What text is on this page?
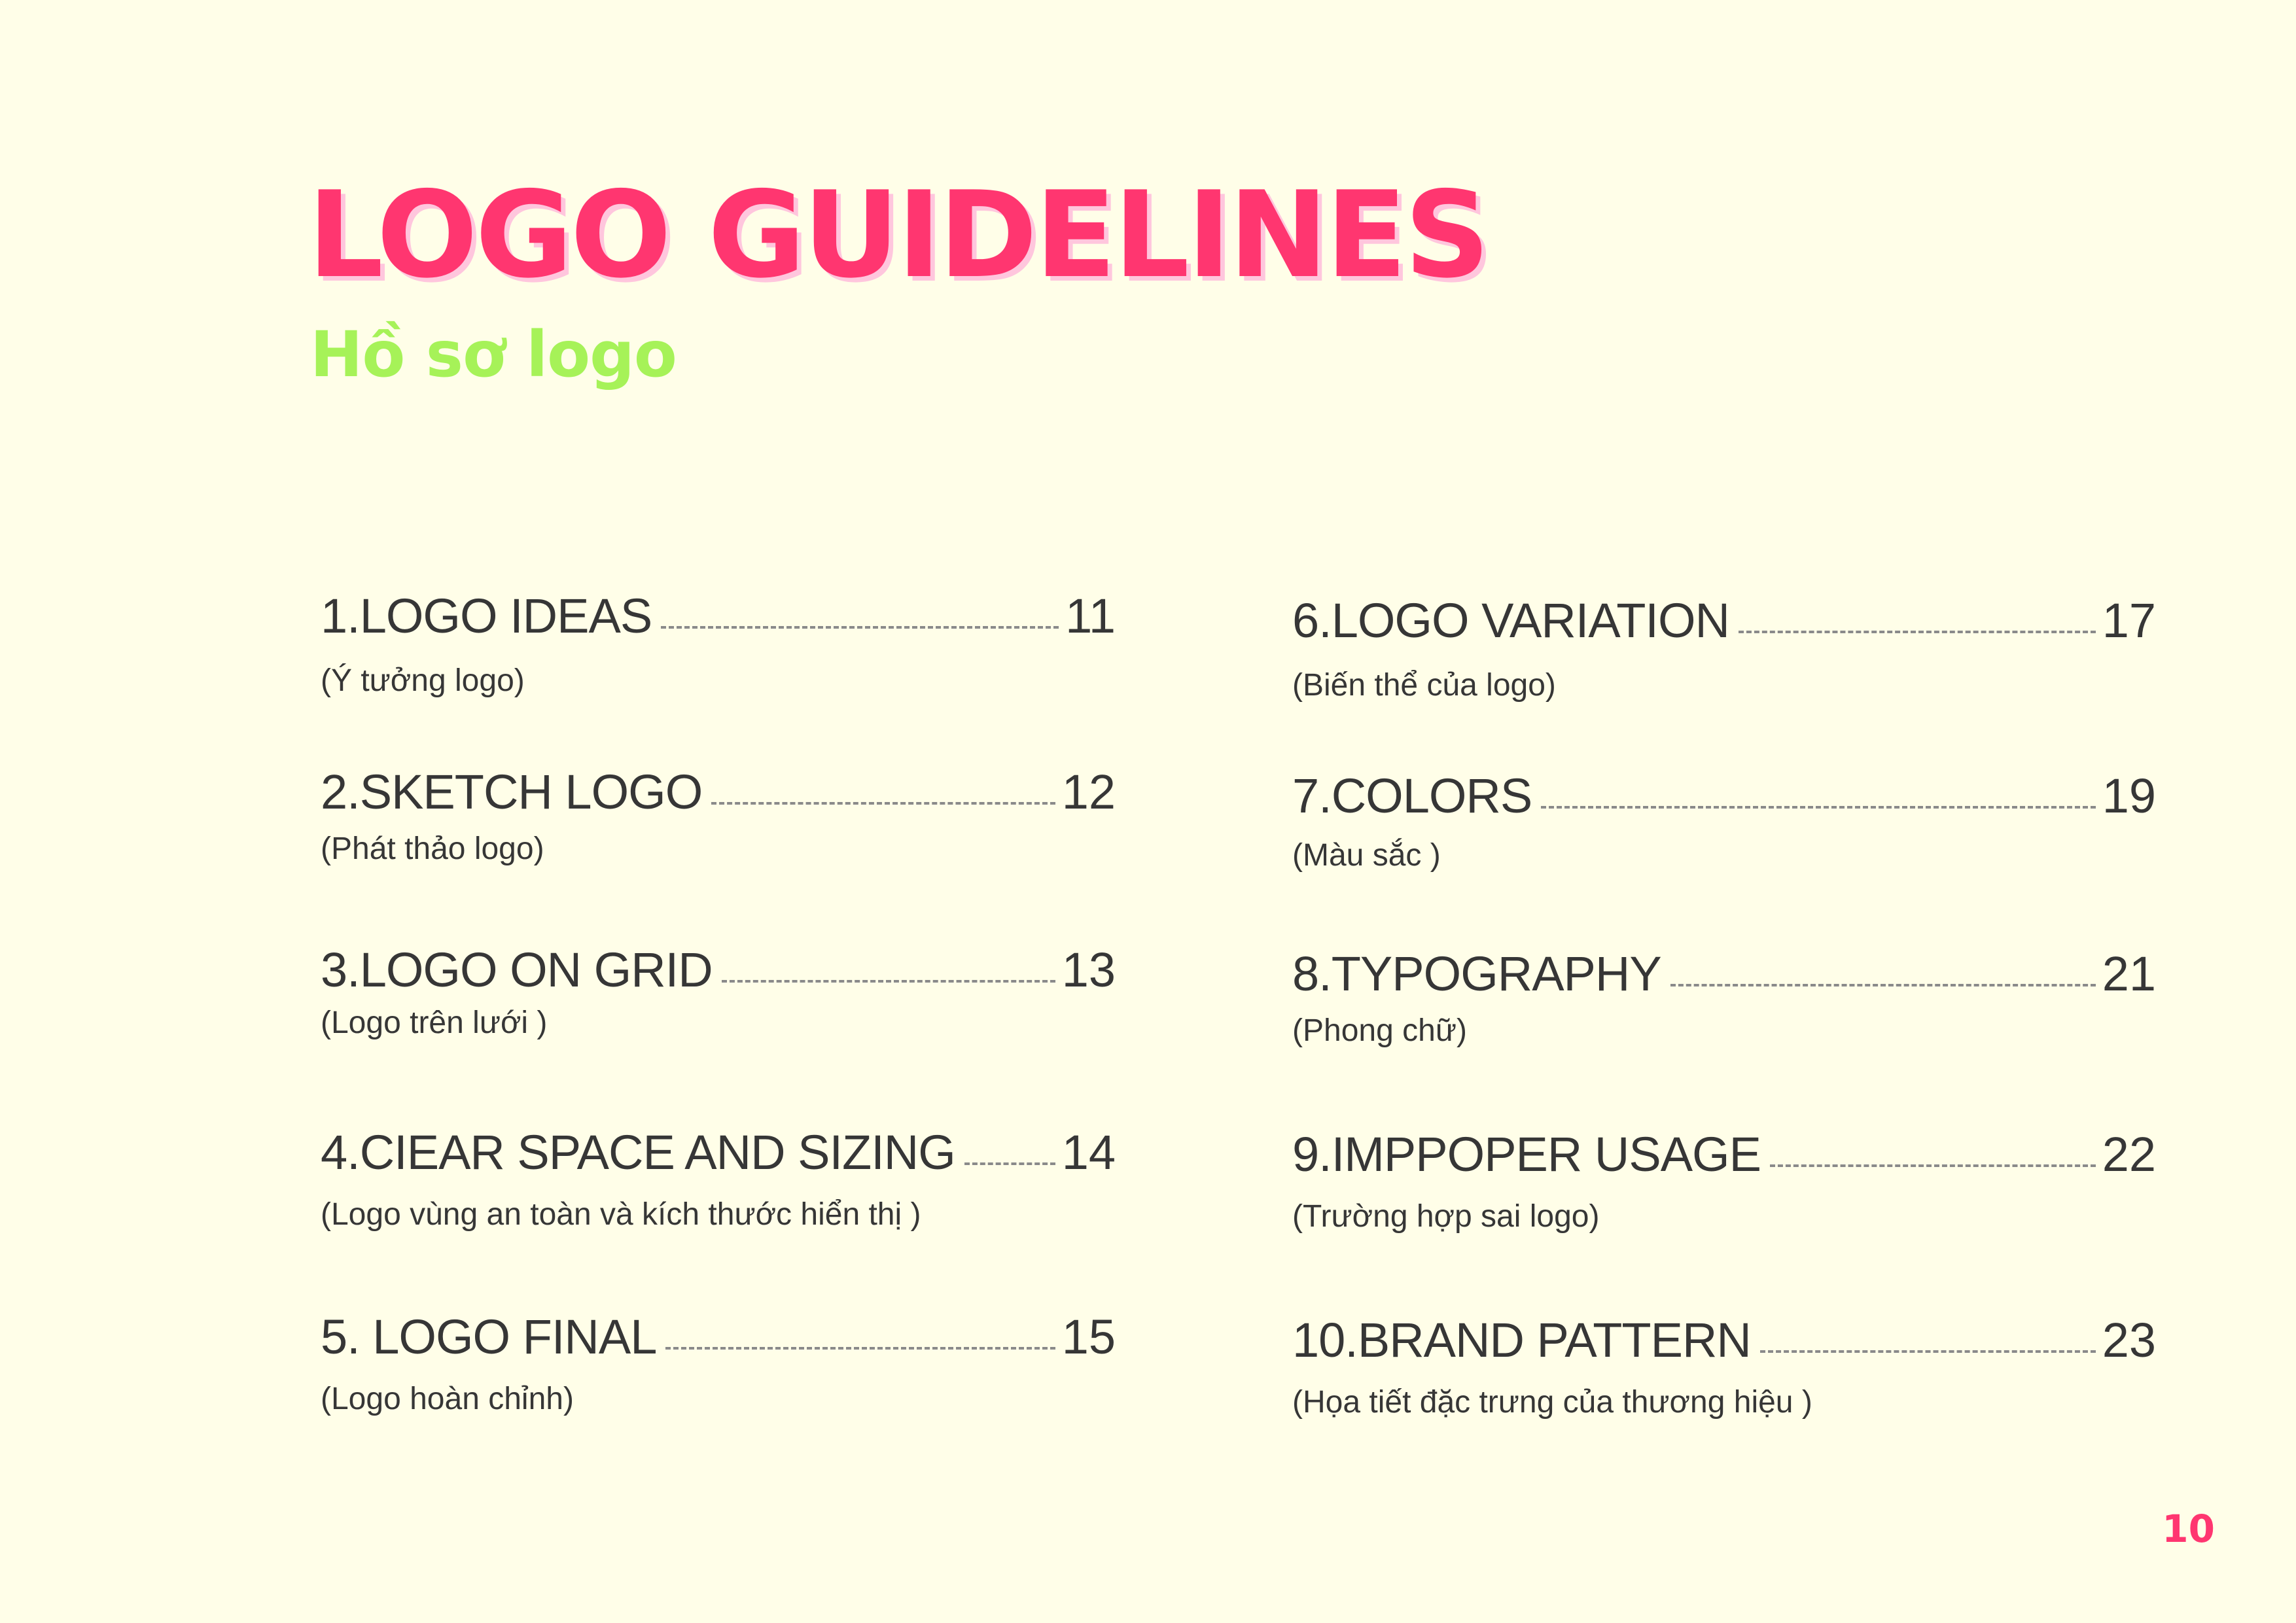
LOGO GUIDELINES
Hồ sơ logo
1.LOGO IDEAS	11
(Ý tưởng logo)
2.SKETCH LOGO	12
(Phát thảo logo)
3.LOGO ON GRID	13
(Logo trên lưới )
4.CIEAR SPACE AND SIZING 14
(Logo vùng an toàn và kích thước hiển thị )
5. LOGO FINAL	15
(Logo hoàn chỉnh)
6.LOGO VARIATION	17
(Biến thể của logo)
7.COLORS	19
(Màu sắc )
8.TYPOGRAPHY	21
(Phong chữ)
9.IMPPOPER USAGE	22
(Trường hợp sai logo)
10.BRAND PATTERN	23
(Họa tiết đặc trưng của thương hiệu )
10
